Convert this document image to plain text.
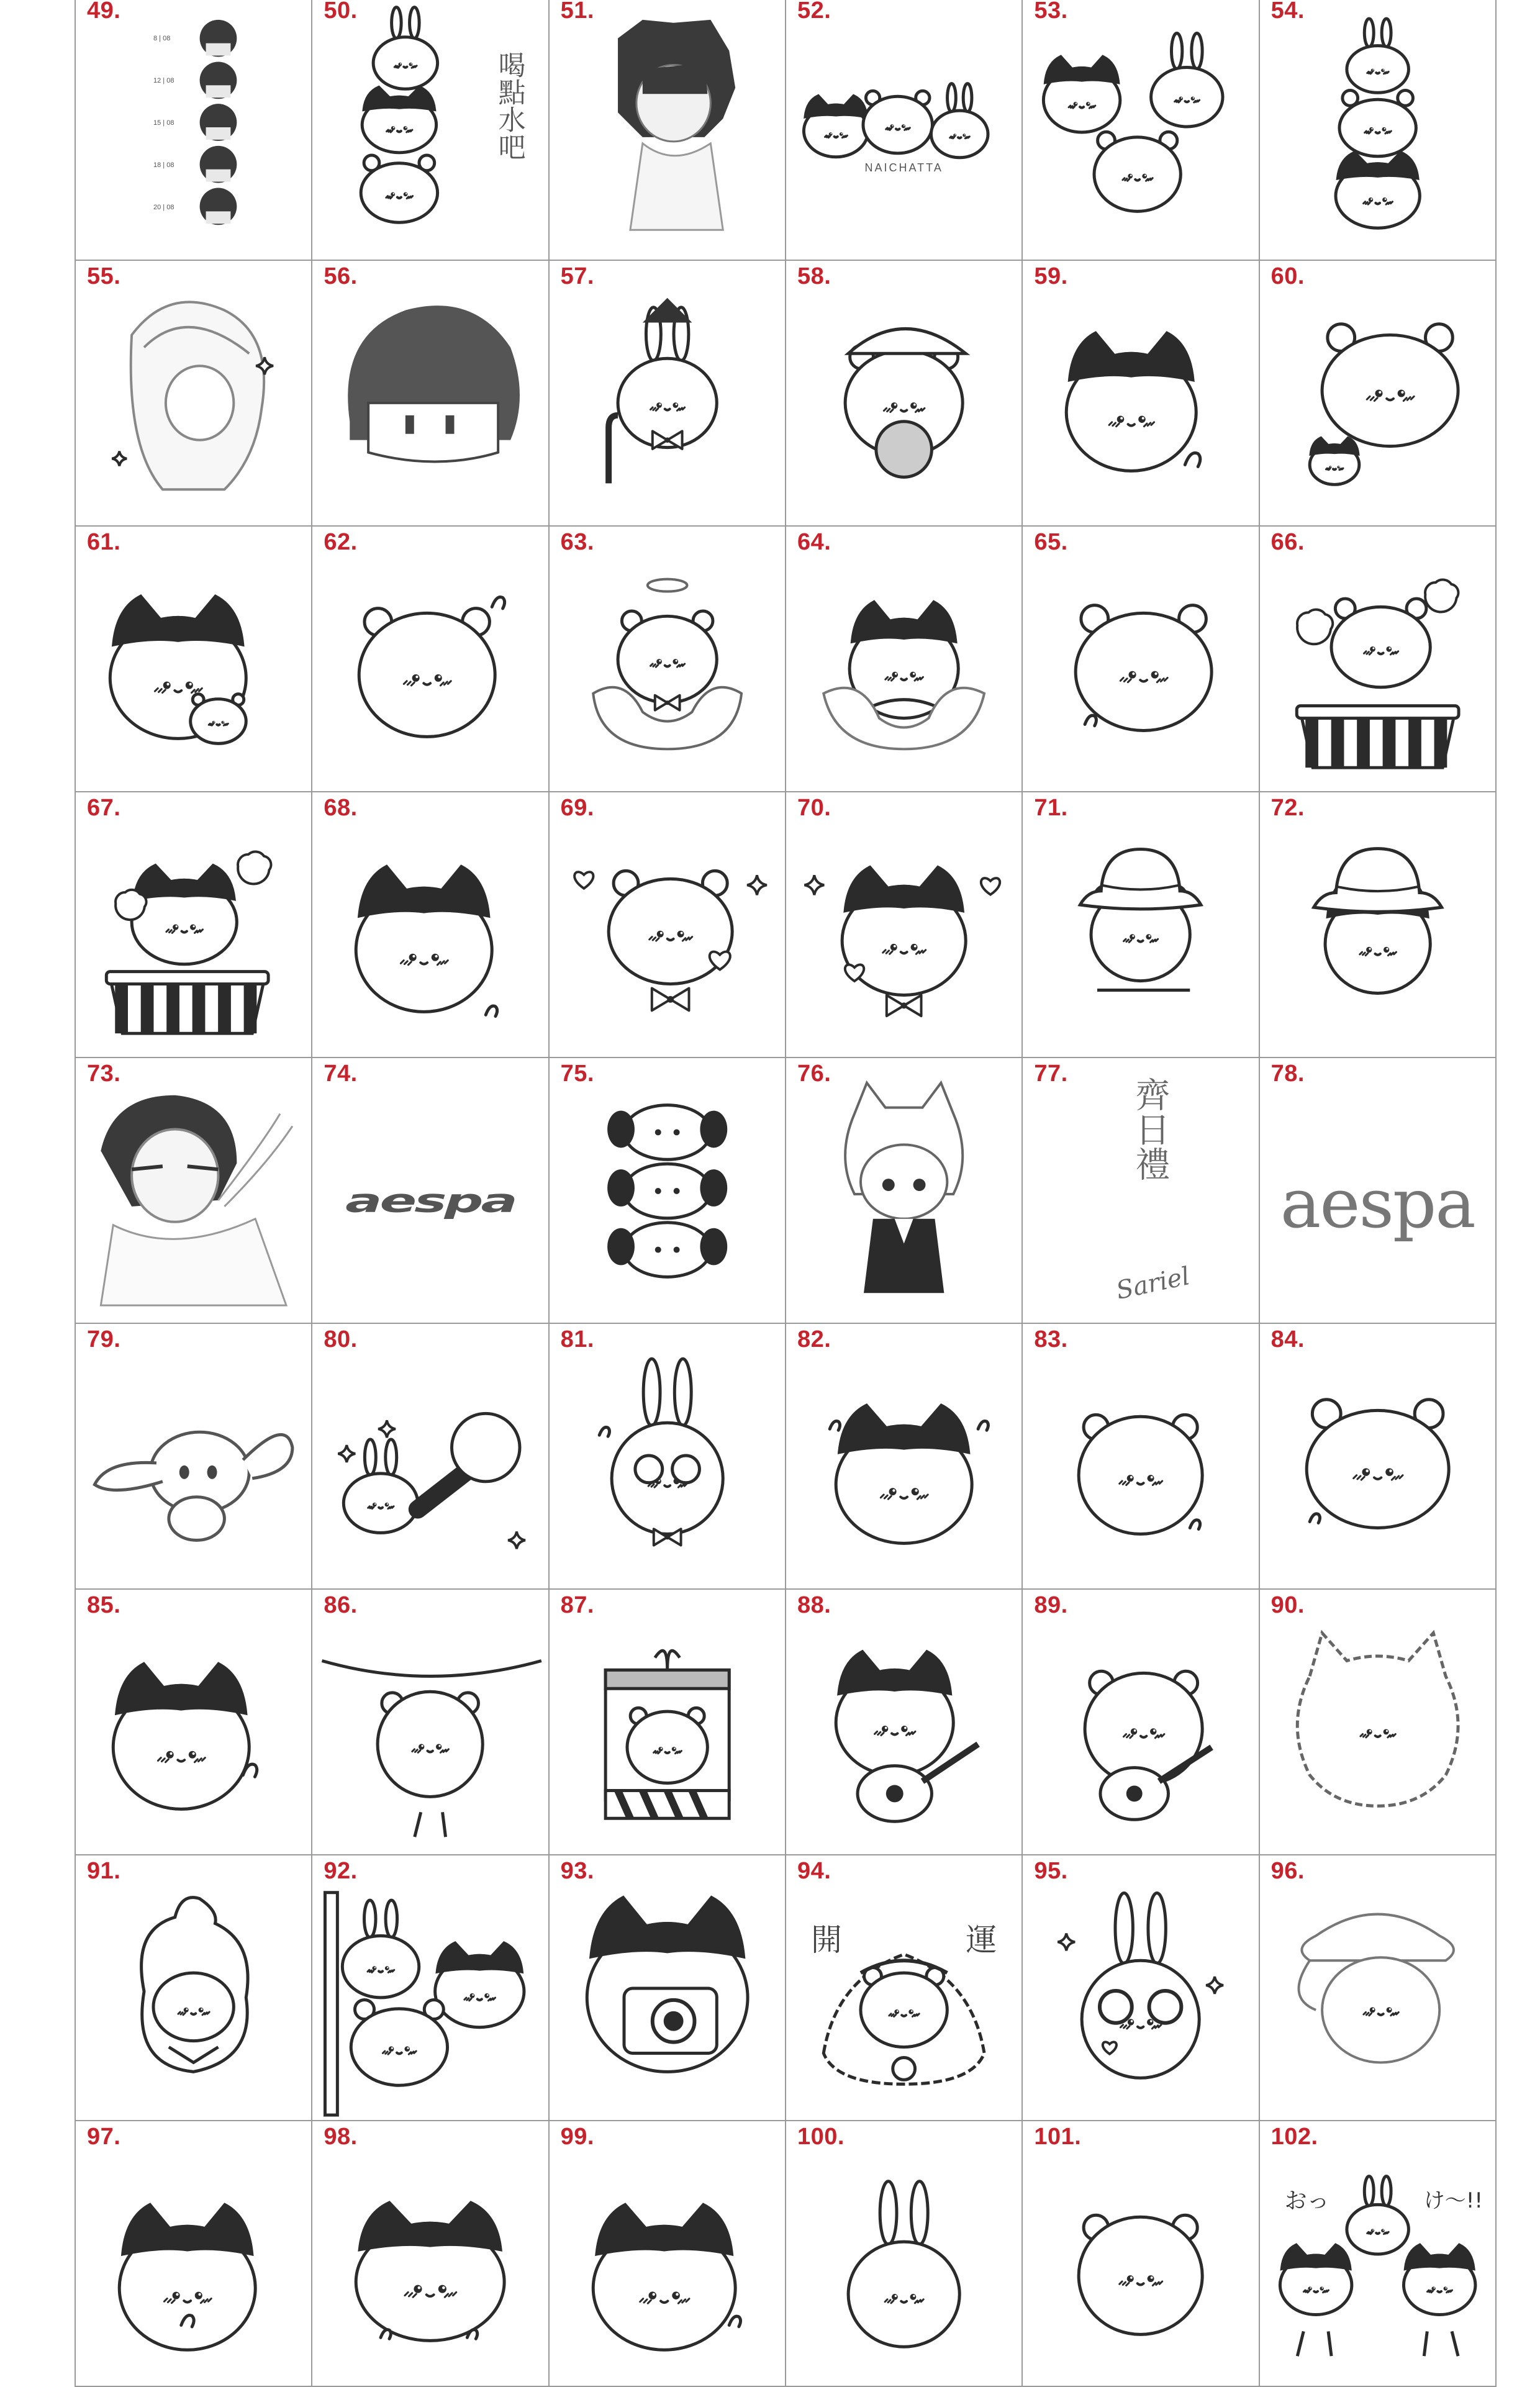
49.
8 | 08
12 | 08
15 | 08
18 | 08
20 | 08
50.
喝點水吧
51.	52.
NAICHATTA
53.	54.
55.	56.	57.	58.	59.	60.
61.	62.	63.	64.	65.	66.
67.	68.	69.	70.	71.	72.
73.	74.
aespa
75.	76.	77.
齊日禮
Sariel
78.
aespa
79.	80.	81.	82.	83.	84.
85.	86.	87.	88.	89.	90.
91.	92.	93.	94.
開	運
95.	96.
97.	98.	99.	100.	101.	102.
おっ	け〜!!
